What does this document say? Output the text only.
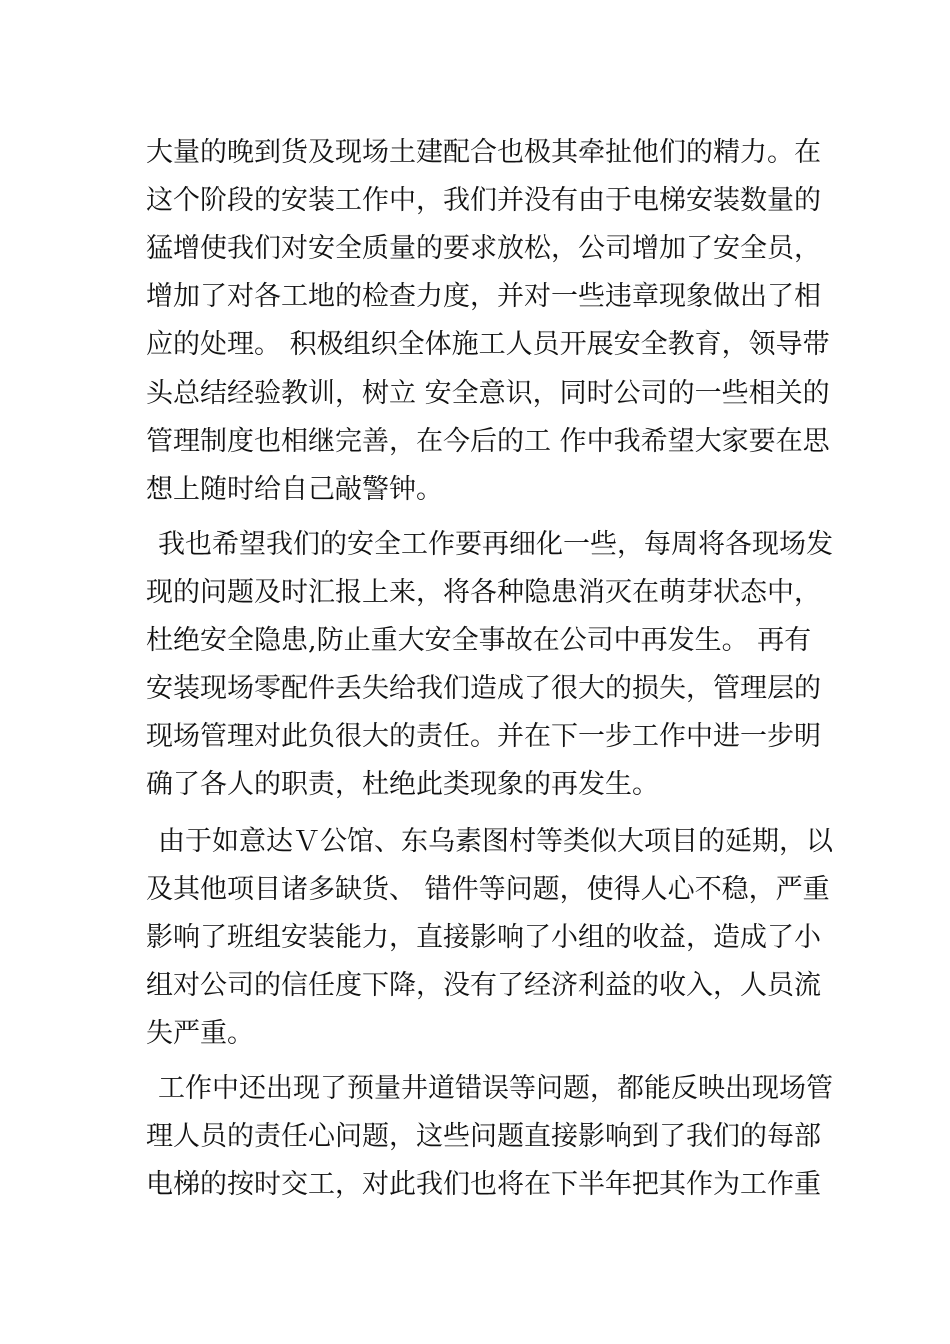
大量的晚到货及现场土建配合也极其牵扯他们的精力。在
这个阶段的安装工作中，我们并没有由于电梯安装数量的
猛增使我们对安全质量的要求放松，公司增加了安全员，
增加了对各工地的检查力度，并对一些违章现象做出了相
应的处理。 积极组织全体施工人员开展安全教育，领导带
头总结经验教训，树立 安全意识，同时公司的一些相关的
管理制度也相继完善，在今后的工 作中我希望大家要在思
想上随时给自己敲警钟。
我也希望我们的安全工作要再细化一些，每周将各现场发
现的问题及时汇报上来，将各种隐患消灭在萌芽状态中，
杜绝安全隐患,防止重大安全事故在公司中再发生。 再有
安装现场零配件丢失给我们造成了很大的损失，管理层的
现场管理对此负很大的责任。并在下一步工作中进一步明
确了各人的职责，杜绝此类现象的再发生。
由于如意达Ｖ公馆、东乌素图村等类似大项目的延期，以
及其他项目诸多缺货、 错件等问题，使得人心不稳，严重
影响了班组安装能力，直接影响了小组的收益，造成了小
组对公司的信任度下降，没有了经济利益的收入，人员流
失严重。
工作中还出现了预量井道错误等问题，都能反映出现场管
理人员的责任心问题，这些问题直接影响到了我们的每部
电梯的按时交工，对此我们也将在下半年把其作为工作重
